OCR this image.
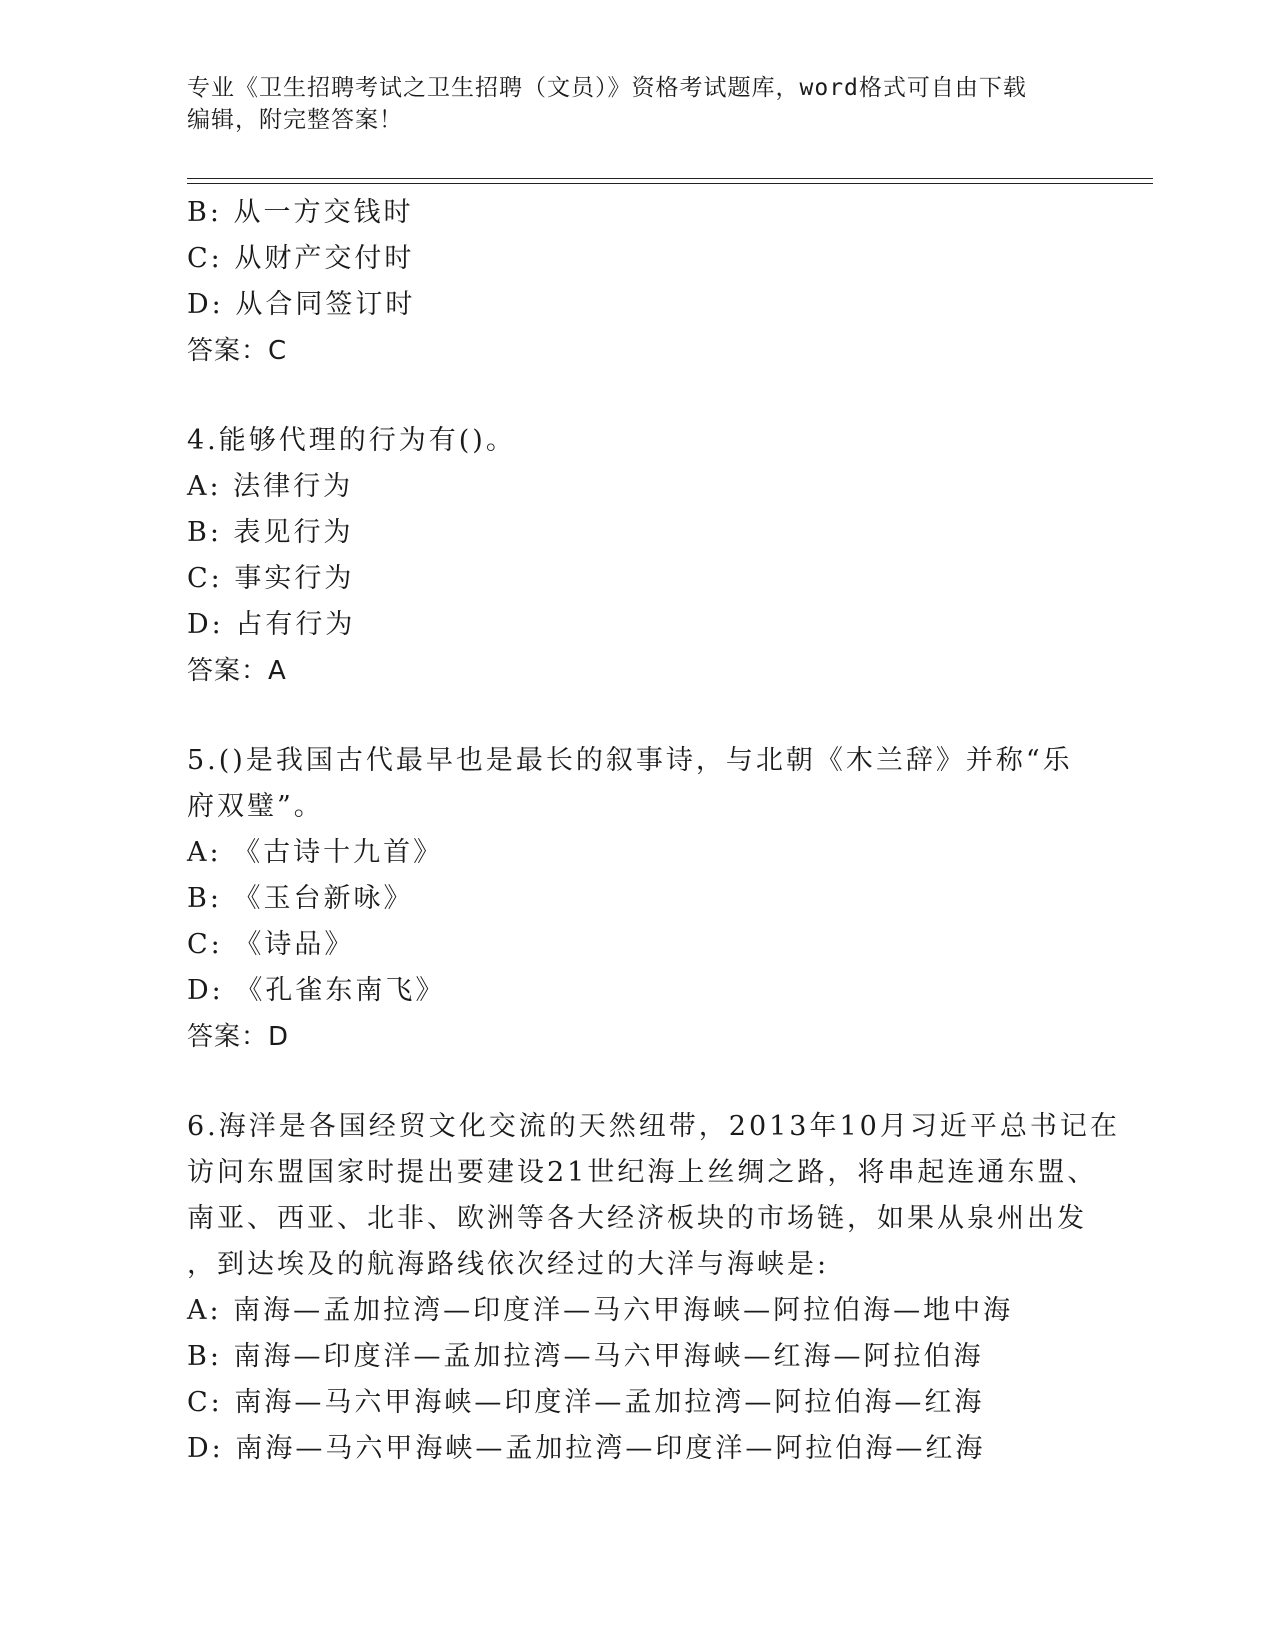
专业《卫生招聘考试之卫生招聘（文员）》资格考试题库，word格式可自由下载
编辑，附完整答案！
B: 从一方交钱时
C: 从财产交付时
D: 从合同签订时
答案：C
4.能够代理的行为有()。
A: 法律行为
B: 表见行为
C: 事实行为
D: 占有行为
答案：A
5.()是我国古代最早也是最长的叙事诗，与北朝《木兰辞》并称“乐
府双璧”。
A: 《古诗十九首》
B: 《玉台新咏》
C: 《诗品》
D: 《孔雀东南飞》
答案：D
6.海洋是各国经贸文化交流的天然纽带，2013年10月习近平总书记在
访问东盟国家时提出要建设21世纪海上丝绸之路，将串起连通东盟、
南亚、西亚、北非、欧洲等各大经济板块的市场链，如果从泉州出发
，到达埃及的航海路线依次经过的大洋与海峡是:
A: 南海—孟加拉湾—印度洋—马六甲海峡—阿拉伯海—地中海
B: 南海—印度洋—孟加拉湾—马六甲海峡—红海—阿拉伯海
C: 南海—马六甲海峡—印度洋—孟加拉湾—阿拉伯海—红海
D: 南海—马六甲海峡—孟加拉湾—印度洋—阿拉伯海—红海
